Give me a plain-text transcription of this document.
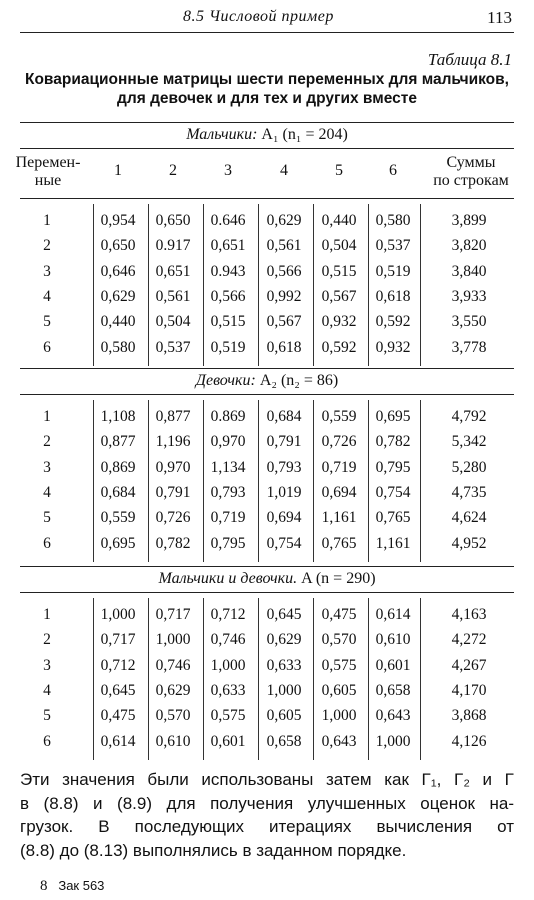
8.5 Числовой пример	113
Таблица 8.1
Ковариационные матрицы шести переменных для мальчиков,
для девочек и для тех и других вместе
Мальчики: A₁ (n₁ = 204)
Перемен-
ные
1	2	3	4	5	6	Суммы
по строкам
1	0,954	0,650	0.646	0,629	0,440	0,580	3,899
2	0,650	0.917	0,651	0,561	0,504	0,537	3,820
3	0,646	0,651	0.943	0,566	0,515	0,519	3,840
4	0,629	0,561	0,566	0,992	0,567	0,618	3,933
5	0,440	0,504	0,515	0,567	0,932	0,592	3,550
6	0,580	0,537	0,519	0,618	0,592	0,932	3,778
Девочки: A₂ (n₂ = 86)
1	1,108	0,877	0.869	0,684	0,559	0,695	4,792
2	0,877	1,196	0,970	0,791	0,726	0,782	5,342
3	0,869	0,970	1,134	0,793	0,719	0,795	5,280
4	0,684	0,791	0,793	1,019	0,694	0,754	4,735
5	0,559	0,726	0,719	0,694	1,161	0,765	4,624
6	0,695	0,782	0,795	0,754	0,765	1,161	4,952
Мальчики и девочки. A (n = 290)
1	1,000	0,717	0,712	0,645	0,475	0,614	4,163
2	0,717	1,000	0,746	0,629	0,570	0,610	4,272
3	0,712	0,746	1,000	0,633	0,575	0,601	4,267
4	0,645	0,629	0,633	1,000	0,605	0,658	4,170
5	0,475	0,570	0,575	0,605	1,000	0,643	3,868
6	0,614	0,610	0,601	0,658	0,643	1,000	4,126
Эти значения были использованы затем как Γ₁, Γ₂ и Γ
в (8.8) и (8.9) для получения улучшенных оценок на-
грузок. В последующих итерациях вычисления от
(8.8) до (8.13) выполнялись в заданном порядке.
8 Зак 563
